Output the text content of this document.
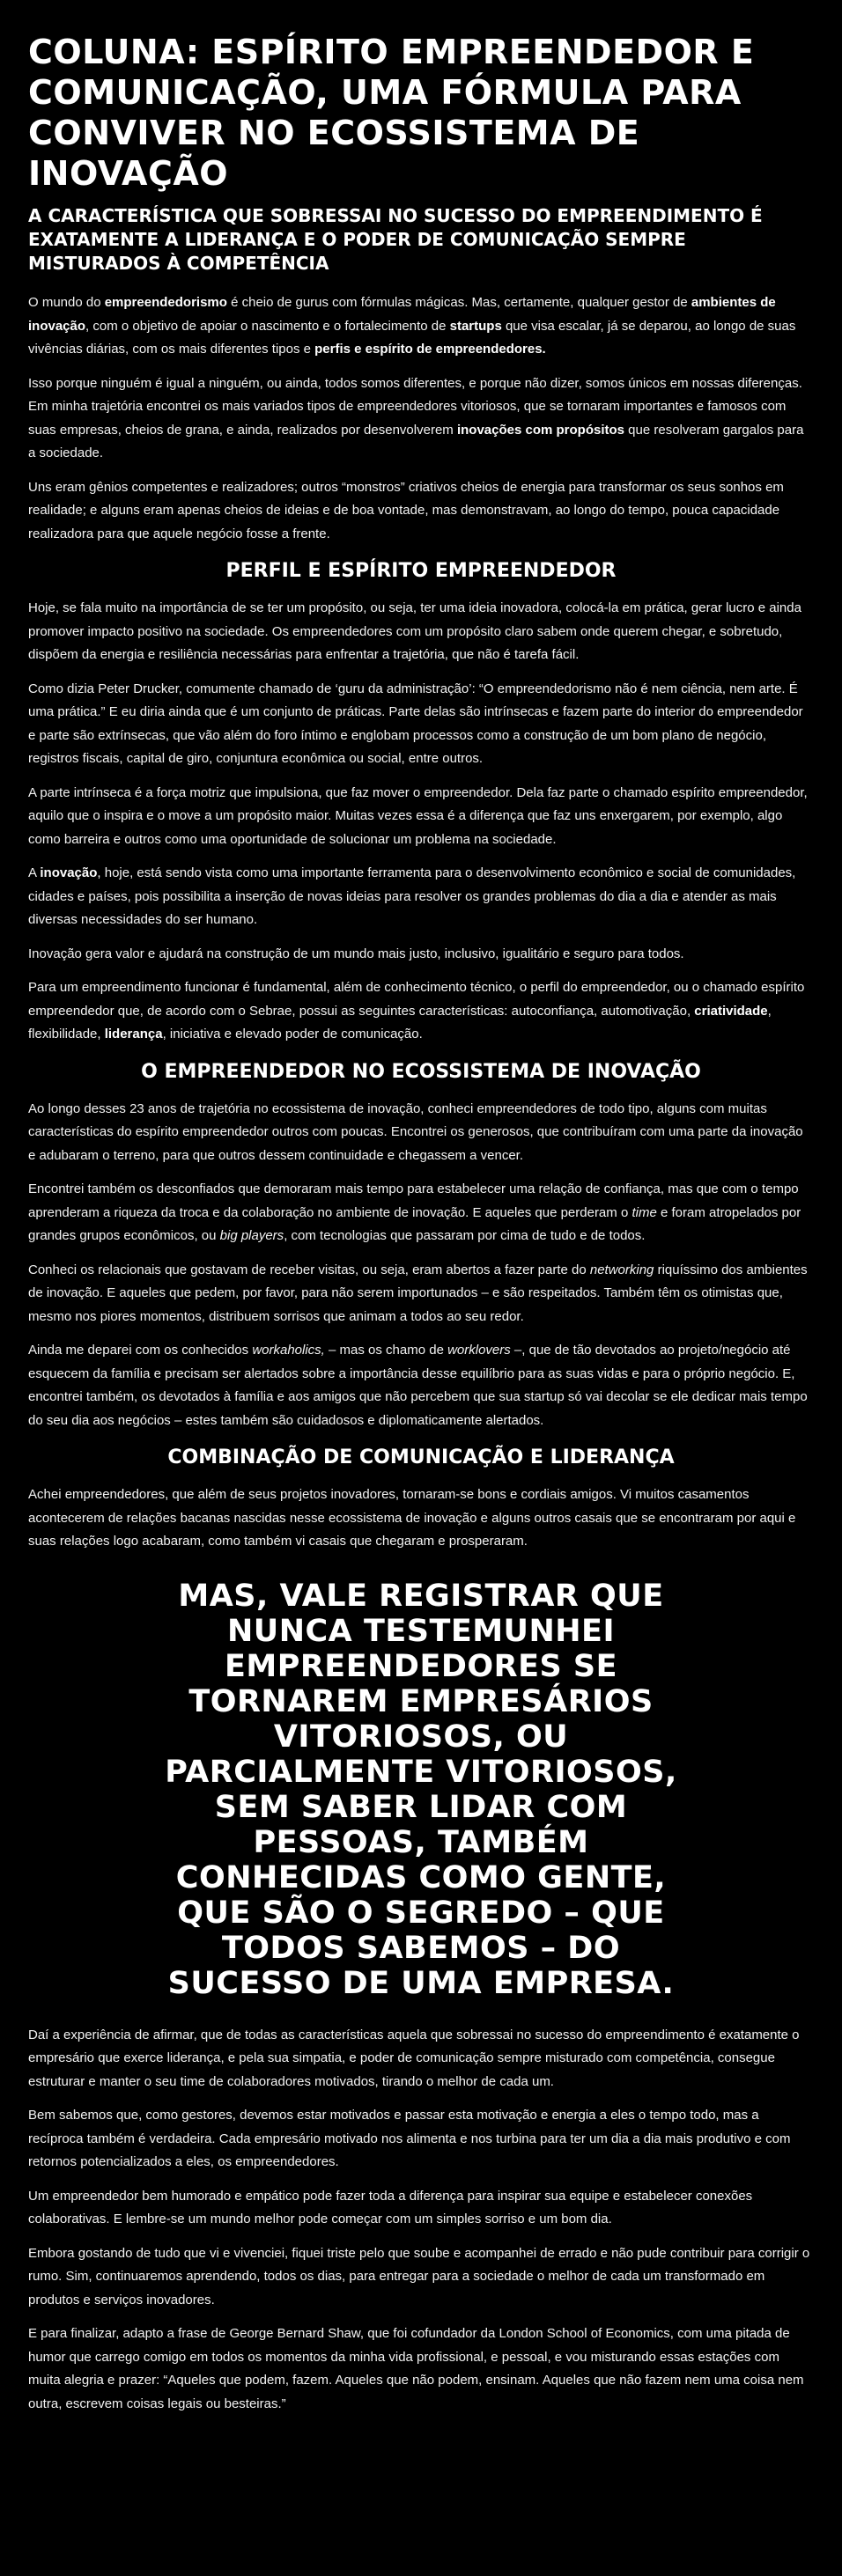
COLUNA: ESPÍRITO EMPREENDEDOR E COMUNICAÇÃO, UMA FÓRMULA PARA CONVIVER NO ECOSSISTEMA DE INOVAÇÃO
A CARACTERÍSTICA QUE SOBRESSAI NO SUCESSO DO EMPREENDIMENTO É EXATAMENTE A LIDERANÇA E O PODER DE COMUNICAÇÃO SEMPRE MISTURADOS À COMPETÊNCIA

O mundo do empreendedorismo é cheio de gurus com fórmulas mágicas. Mas, certamente, qualquer gestor de ambientes de inovação, com o objetivo de apoiar o nascimento e o fortalecimento de startups que visa escalar, já se deparou, ao longo de suas vivências diárias, com os mais diferentes tipos e perfis e espírito de empreendedores.

Isso porque ninguém é igual a ninguém, ou ainda, todos somos diferentes, e porque não dizer, somos únicos em nossas diferenças. Em minha trajetória encontrei os mais variados tipos de empreendedores vitoriosos, que se tornaram importantes e famosos com suas empresas, cheios de grana, e ainda, realizados por desenvolverem inovações com propósitos que resolveram gargalos para a sociedade.

Uns eram gênios competentes e realizadores; outros “monstros” criativos cheios de energia para transformar os seus sonhos em realidade; e alguns eram apenas cheios de ideias e de boa vontade, mas demonstravam, ao longo do tempo, pouca capacidade realizadora para que aquele negócio fosse a frente.

PERFIL E ESPÍRITO EMPREENDEDOR

Hoje, se fala muito na importância de se ter um propósito, ou seja, ter uma ideia inovadora, colocá-la em prática, gerar lucro e ainda promover impacto positivo na sociedade. Os empreendedores com um propósito claro sabem onde querem chegar, e sobretudo, dispõem da energia e resiliência necessárias para enfrentar a trajetória, que não é tarefa fácil.

Como dizia Peter Drucker, comumente chamado de ‘guru da administração’: “O empreendedorismo não é nem ciência, nem arte. É uma prática.” E eu diria ainda que é um conjunto de práticas. Parte delas são intrínsecas e fazem parte do interior do empreendedor e parte são extrínsecas, que vão além do foro íntimo e englobam processos como a construção de um bom plano de negócio, registros fiscais, capital de giro, conjuntura econômica ou social, entre outros.

A parte intrínseca é a força motriz que impulsiona, que faz mover o empreendedor. Dela faz parte o chamado espírito empreendedor, aquilo que o inspira e o move a um propósito maior. Muitas vezes essa é a diferença que faz uns enxergarem, por exemplo, algo como barreira e outros como uma oportunidade de solucionar um problema na sociedade.

A inovação, hoje, está sendo vista como uma importante ferramenta para o desenvolvimento econômico e social de comunidades, cidades e países, pois possibilita a inserção de novas ideias para resolver os grandes problemas do dia a dia e atender as mais diversas necessidades do ser humano.

Inovação gera valor e ajudará na construção de um mundo mais justo, inclusivo, igualitário e seguro para todos.

Para um empreendimento funcionar é fundamental, além de conhecimento técnico, o perfil do empreendedor, ou o chamado espírito empreendedor que, de acordo com o Sebrae, possui as seguintes características: autoconfiança, automotivação, criatividade, flexibilidade, liderança, iniciativa e elevado poder de comunicação.

O EMPREENDEDOR NO ECOSSISTEMA DE INOVAÇÃO

Ao longo desses 23 anos de trajetória no ecossistema de inovação, conheci empreendedores de todo tipo, alguns com muitas características do espírito empreendedor outros com poucas. Encontrei os generosos, que contribuíram com uma parte da inovação e adubaram o terreno, para que outros dessem continuidade e chegassem a vencer.

Encontrei também os desconfiados que demoraram mais tempo para estabelecer uma relação de confiança, mas que com o tempo aprenderam a riqueza da troca e da colaboração no ambiente de inovação. E aqueles que perderam o time e foram atropelados por grandes grupos econômicos, ou big players, com tecnologias que passaram por cima de tudo e de todos.

Conheci os relacionais que gostavam de receber visitas, ou seja, eram abertos a fazer parte do networking riquíssimo dos ambientes de inovação. E aqueles que pedem, por favor, para não serem importunados – e são respeitados. Também têm os otimistas que, mesmo nos piores momentos, distribuem sorrisos que animam a todos ao seu redor.

Ainda me deparei com os conhecidos workaholics, – mas os chamo de worklovers –, que de tão devotados ao projeto/negócio até esquecem da família e precisam ser alertados sobre a importância desse equilíbrio para as suas vidas e para o próprio negócio. E, encontrei também, os devotados à família e aos amigos que não percebem que sua startup só vai decolar se ele dedicar mais tempo do seu dia aos negócios – estes também são cuidadosos e diplomaticamente alertados.

COMBINAÇÃO DE COMUNICAÇÃO E LIDERANÇA

Achei empreendedores, que além de seus projetos inovadores, tornaram-se bons e cordiais amigos. Vi muitos casamentos acontecerem de relações bacanas nascidas nesse ecossistema de inovação e alguns outros casais que se encontraram por aqui e suas relações logo acabaram, como também vi casais que chegaram e prosperaram.

MAS, VALE REGISTRAR QUE NUNCA TESTEMUNHEI EMPREENDEDORES SE TORNAREM EMPRESÁRIOS VITORIOSOS, OU PARCIALMENTE VITORIOSOS, SEM SABER LIDAR COM PESSOAS, TAMBÉM CONHECIDAS COMO GENTE, QUE SÃO O SEGREDO – QUE TODOS SABEMOS – DO SUCESSO DE UMA EMPRESA.

Daí a experiência de afirmar, que de todas as características aquela que sobressai no sucesso do empreendimento é exatamente o empresário que exerce liderança, e pela sua simpatia, e poder de comunicação sempre misturado com competência, consegue estruturar e manter o seu time de colaboradores motivados, tirando o melhor de cada um.

Bem sabemos que, como gestores, devemos estar motivados e passar esta motivação e energia a eles o tempo todo, mas a recíproca também é verdadeira. Cada empresário motivado nos alimenta e nos turbina para ter um dia a dia mais produtivo e com retornos potencializados a eles, os empreendedores.

Um empreendedor bem humorado e empático pode fazer toda a diferença para inspirar sua equipe e estabelecer conexões colaborativas. E lembre-se um mundo melhor pode começar com um simples sorriso e um bom dia.

Embora gostando de tudo que vi e vivenciei, fiquei triste pelo que soube e acompanhei de errado e não pude contribuir para corrigir o rumo. Sim, continuaremos aprendendo, todos os dias, para entregar para a sociedade o melhor de cada um transformado em produtos e serviços inovadores.

E para finalizar, adapto a frase de George Bernard Shaw, que foi cofundador da London School of Economics, com uma pitada de humor que carrego comigo em todos os momentos da minha vida profissional, e pessoal, e vou misturando essas estações com muita alegria e prazer: “Aqueles que podem, fazem. Aqueles que não podem, ensinam. Aqueles que não fazem nem uma coisa nem outra, escrevem coisas legais ou besteiras.”
